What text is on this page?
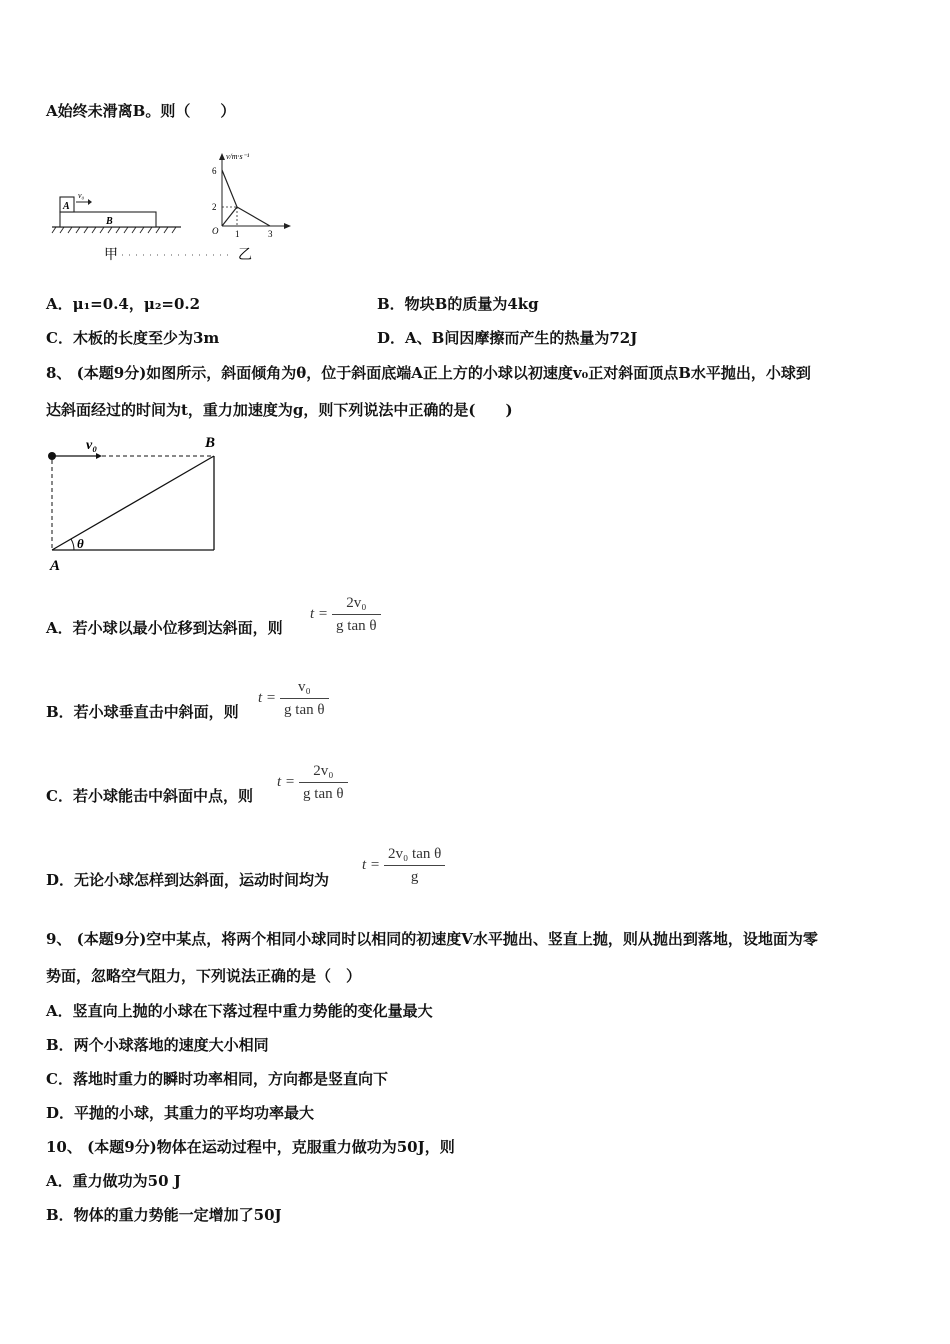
A始终未滑离B。则（　　）
B
A
v₀
v/m·s⁻¹
6
2
O 1	3
甲	乙
A．μ₁=0.4，μ₂=0.2	B．物块B的质量为4kg
C．木板的长度至少为3m	D．A、B间因摩擦而产生的热量为72J
8、 (本题9分)如图所示，斜面倾角为θ，位于斜面底端A正上方的小球以初速度v₀正对斜面顶点B水平抛出，小球到
达斜面经过的时间为t，重力加速度为g，则下列说法中正确的是(　　)
v₀	B
A
θ
A．若小球以最小位移到达斜面，则
$t = \frac{\text{2v₀}}{\text{g tan θ}}$
B．若小球垂直击中斜面，则
$t = \frac{\text{v₀}}{\text{g tan θ}}$
C．若小球能击中斜面中点，则
$t = \frac{\text{2v₀}}{\text{g tan θ}}$
D．无论小球怎样到达斜面，运动时间均为
$t = \frac{\text{2v₀ tan θ}}{g}$
9、 (本题9分)空中某点，将两个相同小球同时以相同的初速度V水平抛出、竖直上抛，则从抛出到落地，设地面为零
势面，忽略空气阻力，下列说法正确的是（　）
A．竖直向上抛的小球在下落过程中重力势能的变化量最大
B．两个小球落地的速度大小相同
C．落地时重力的瞬时功率相同，方向都是竖直向下
D．平抛的小球，其重力的平均功率最大
10、 (本题9分)物体在运动过程中，克服重力做功为50J，则
A．重力做功为50 J
B．物体的重力势能一定增加了50J
